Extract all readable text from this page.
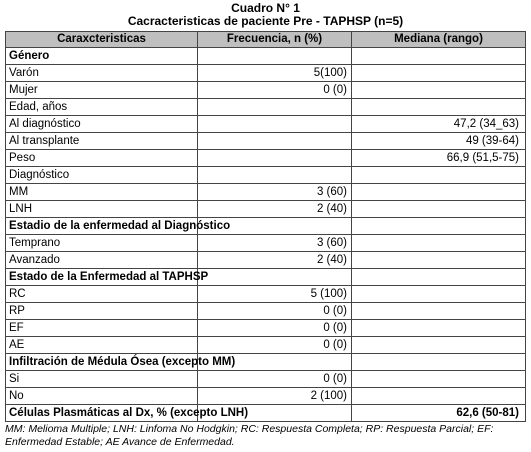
Cuadro N° 1
Cacracteristicas de paciente Pre - TAPHSP (n=5)
Caraxcteristicas	Frecuencia, n (%)	Mediana (rango)
Género		
Varón	5(100)	
Mujer	0 (0)	
Edad, años		
Al diagnóstico		47,2 (34_63)
Al transplante		49 (39-64)
Peso		66,9 (51,5-75)
Diagnóstico		
MM	3 (60)	
LNH	2 (40)	
Estadio de la enfermedad al Diagnóstico		
Temprano	3 (60)	
Avanzado	2 (40)	
Estado de la Enfermedad al TAPHSP		
RC	5 (100)	
RP	0 (0)	
EF	0 (0)	
AE	0 (0)	
Infiltración de Médula Ósea (excepto MM)		
Si	0 (0)	
No	2 (100)	
Células Plasmáticas al Dx, % (excepto LNH)		62,6 (50-81)
MM: Melioma Multiple; LNH: Linfoma No Hodgkin; RC: Respuesta Completa; RP: Respuesta Parcial; EF: Enfermedad Estable; AE Avance de Enfermedad.
